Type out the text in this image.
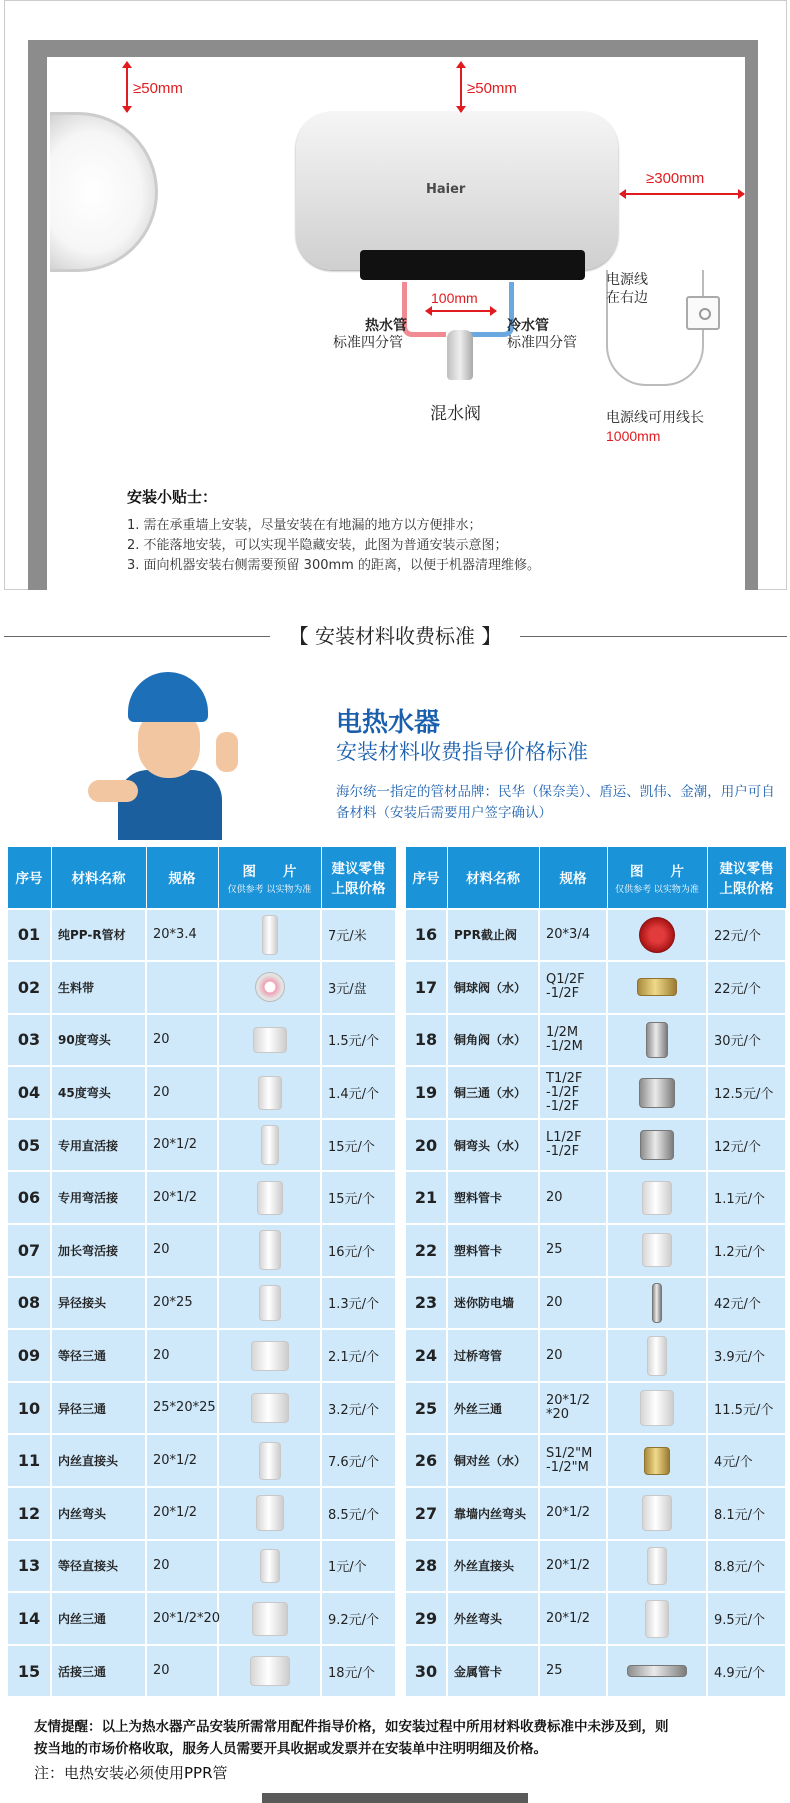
Haier
≥50mm	≥50mm
≥300mm
100mm
热水管
标准四分管
冷水管
标准四分管
混水阀
电源线
在右边
电源线可用线长
1000mm
安装小贴士：
1. 需在承重墙上安装，尽量安装在有地漏的地方以方便排水；
2. 不能落地安装，可以实现半隐藏安装，此图为普通安装示意图；
3. 面向机器安装右侧需要预留 300mm 的距离，以便于机器清理维修。
【 安装材料收费标准 】
电热水器
安装材料收费指导价格标准
海尔统一指定的管材品牌：民华（保奈美）、盾运、凯伟、金潮，用户可自备材料（安装后需要用户签字确认）
序号	材料名称	规格	图　　片
仅供参考 以实物为准	建议零售
上限价格
01	纯PP-R管材	20*3.4		7元/米
02	生料带			3元/盘
03	90度弯头	20		1.5元/个
04	45度弯头	20		1.4元/个
05	专用直活接	20*1/2		15元/个
06	专用弯活接	20*1/2		15元/个
07	加长弯活接	20		16元/个
08	异径接头	20*25		1.3元/个
09	等径三通	20		2.1元/个
10	异径三通	25*20*25		3.2元/个
11	内丝直接头	20*1/2		7.6元/个
12	内丝弯头	20*1/2		8.5元/个
13	等径直接头	20		1元/个
14	内丝三通	20*1/2*20		9.2元/个
15	活接三通	20		18元/个
序号	材料名称	规格	图　　片
仅供参考 以实物为准	建议零售
上限价格
16	PPR截止阀	20*3/4		22元/个
17	铜球阀（水）	Q1/2F -1/2F		22元/个
18	铜角阀（水）	1/2M -1/2M		30元/个
19	铜三通（水）	T1/2F -1/2F -1/2F		12.5元/个
20	铜弯头（水）	L1/2F -1/2F		12元/个
21	塑料管卡	20		1.1元/个
22	塑料管卡	25		1.2元/个
23	迷你防电墙	20		42元/个
24	过桥弯管	20		3.9元/个
25	外丝三通	20*1/2 *20		11.5元/个
26	铜对丝（水）	S1/2"M -1/2"M		4元/个
27	靠墙内丝弯头	20*1/2		8.1元/个
28	外丝直接头	20*1/2		8.8元/个
29	外丝弯头	20*1/2		9.5元/个
30	金属管卡	25		4.9元/个
友情提醒：以上为热水器产品安装所需常用配件指导价格，如安装过程中所用材料收费标准中未涉及到，则
按当地的市场价格收取，服务人员需要开具收据或发票并在安装单中注明明细及价格。
注：电热安装必须使用PPR管
